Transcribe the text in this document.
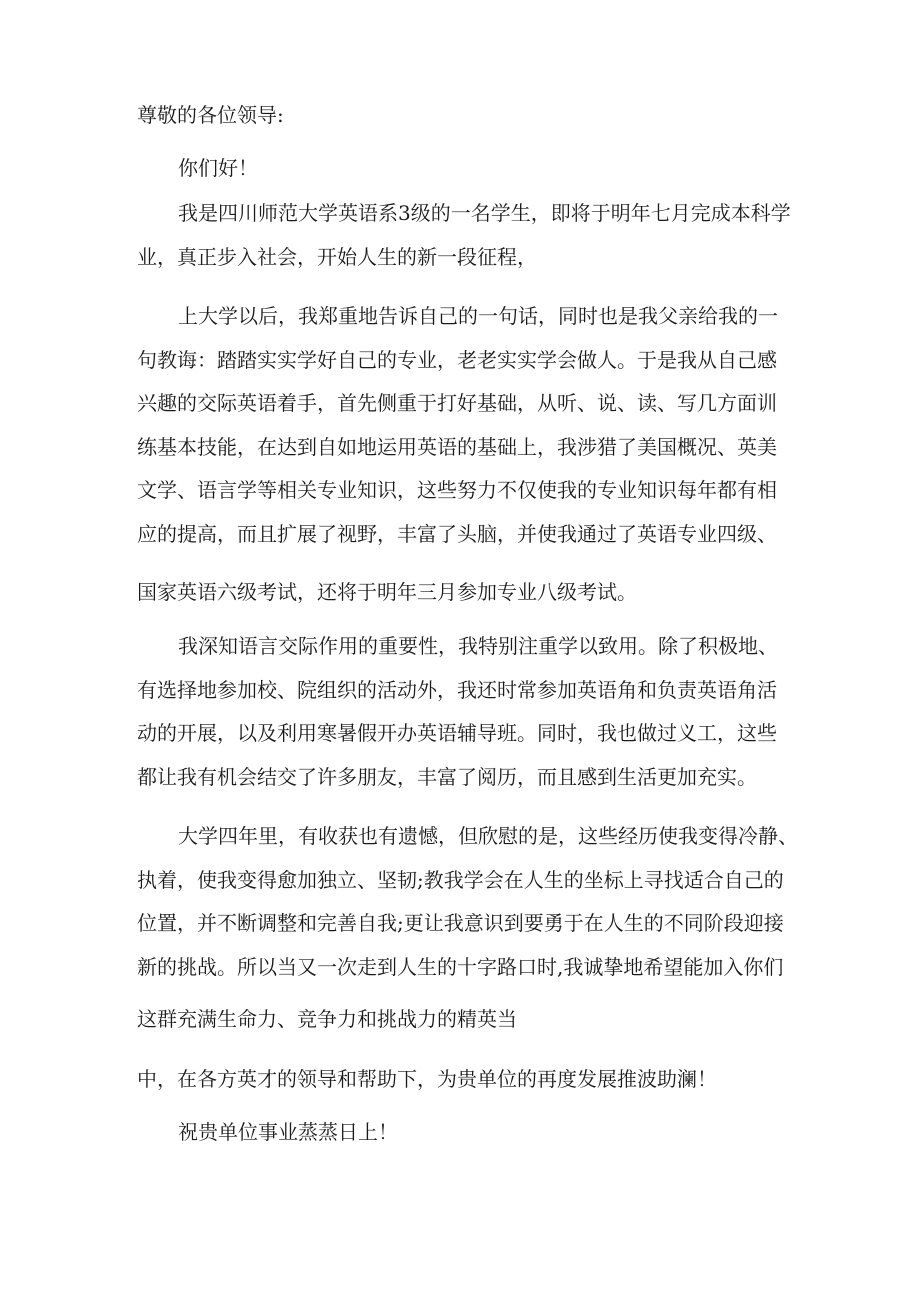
尊敬的各位领导:
你们好！
我是四川师范大学英语系3级的一名学生，即将于明年七月完成本科学
业，真正步入社会，开始人生的新一段征程，
上大学以后，我郑重地告诉自己的一句话，同时也是我父亲给我的一
句教诲：踏踏实实学好自己的专业，老老实实学会做人。于是我从自己感
兴趣的交际英语着手，首先侧重于打好基础，从听、说、读、写几方面训
练基本技能，在达到自如地运用英语的基础上，我涉猎了美国概况、英美
文学、语言学等相关专业知识，这些努力不仅使我的专业知识每年都有相
应的提高，而且扩展了视野，丰富了头脑，并使我通过了英语专业四级、
国家英语六级考试，还将于明年三月参加专业八级考试。
我深知语言交际作用的重要性，我特别注重学以致用。除了积极地、
有选择地参加校、院组织的活动外，我还时常参加英语角和负责英语角活
动的开展，以及利用寒暑假开办英语辅导班。同时，我也做过义工，这些
都让我有机会结交了许多朋友，丰富了阅历，而且感到生活更加充实。
大学四年里，有收获也有遗憾，但欣慰的是，这些经历使我变得冷静、
执着，使我变得愈加独立、坚韧;教我学会在人生的坐标上寻找适合自己的
位置，并不断调整和完善自我;更让我意识到要勇于在人生的不同阶段迎接
新的挑战。所以当又一次走到人生的十字路口时,我诚挚地希望能加入你们
这群充满生命力、竞争力和挑战力的精英当
中，在各方英才的领导和帮助下，为贵单位的再度发展推波助澜！
祝贵单位事业蒸蒸日上！
